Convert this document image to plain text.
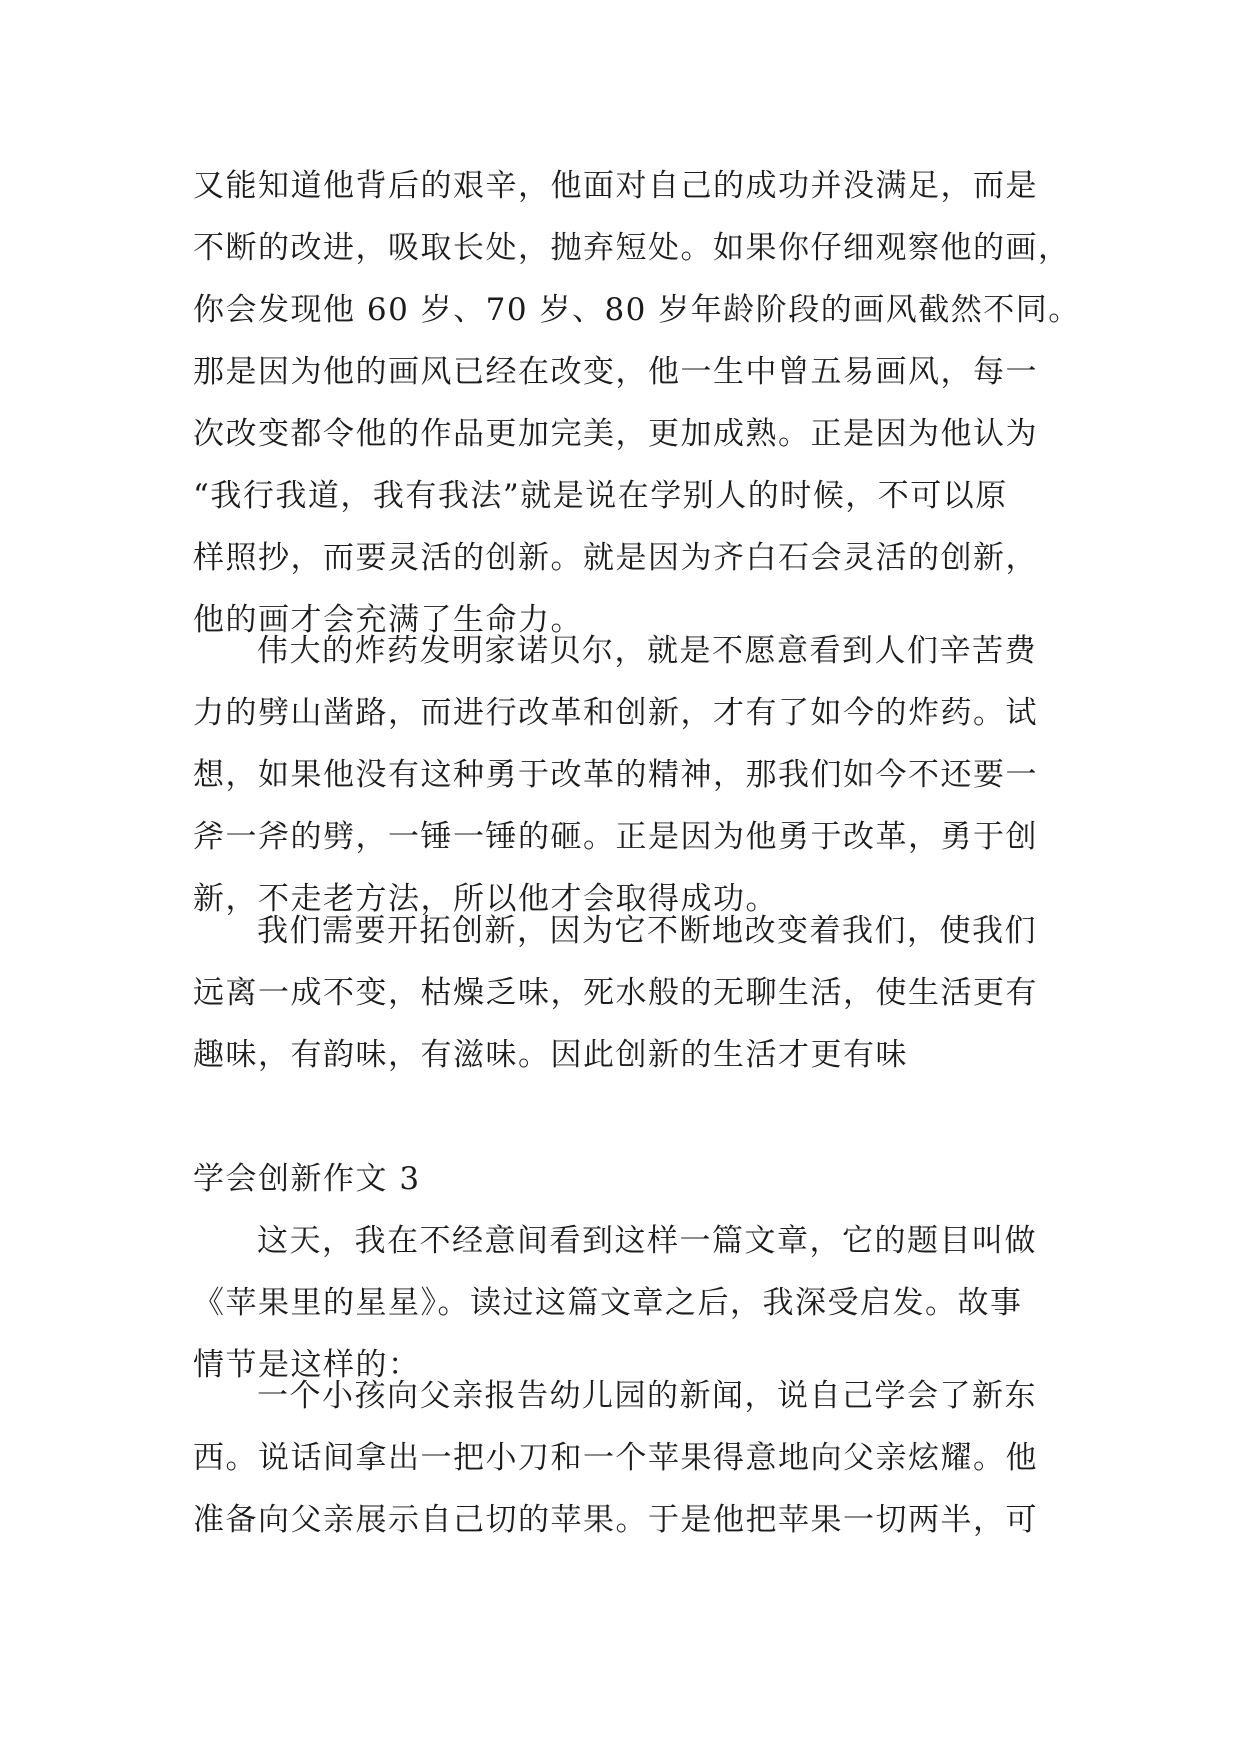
又能知道他背后的艰辛，他面对自己的成功并没满足，而是
不断的改进，吸取长处，抛弃短处。如果你仔细观察他的画，
你会发现他 60 岁、70 岁、80 岁年龄阶段的画风截然不同。
那是因为他的画风已经在改变，他一生中曾五易画风，每一
次改变都令他的作品更加完美，更加成熟。正是因为他认为
“我行我道，我有我法”就是说在学别人的时候，不可以原
样照抄，而要灵活的创新。就是因为齐白石会灵活的创新，
他的画才会充满了生命力。

伟大的炸药发明家诺贝尔，就是不愿意看到人们辛苦费
力的劈山凿路，而进行改革和创新，才有了如今的炸药。试
想，如果他没有这种勇于改革的精神，那我们如今不还要一
斧一斧的劈，一锤一锤的砸。正是因为他勇于改革，勇于创
新，不走老方法，所以他才会取得成功。

我们需要开拓创新，因为它不断地改变着我们，使我们
远离一成不变，枯燥乏味，死水般的无聊生活，使生活更有
趣味，有韵味，有滋味。因此创新的生活才更有味

学会创新作文 3

这天，我在不经意间看到这样一篇文章，它的题目叫做
《苹果里的星星》。读过这篇文章之后，我深受启发。故事
情节是这样的：

一个小孩向父亲报告幼儿园的新闻，说自己学会了新东
西。说话间拿出一把小刀和一个苹果得意地向父亲炫耀。他
准备向父亲展示自己切的苹果。于是他把苹果一切两半，可
